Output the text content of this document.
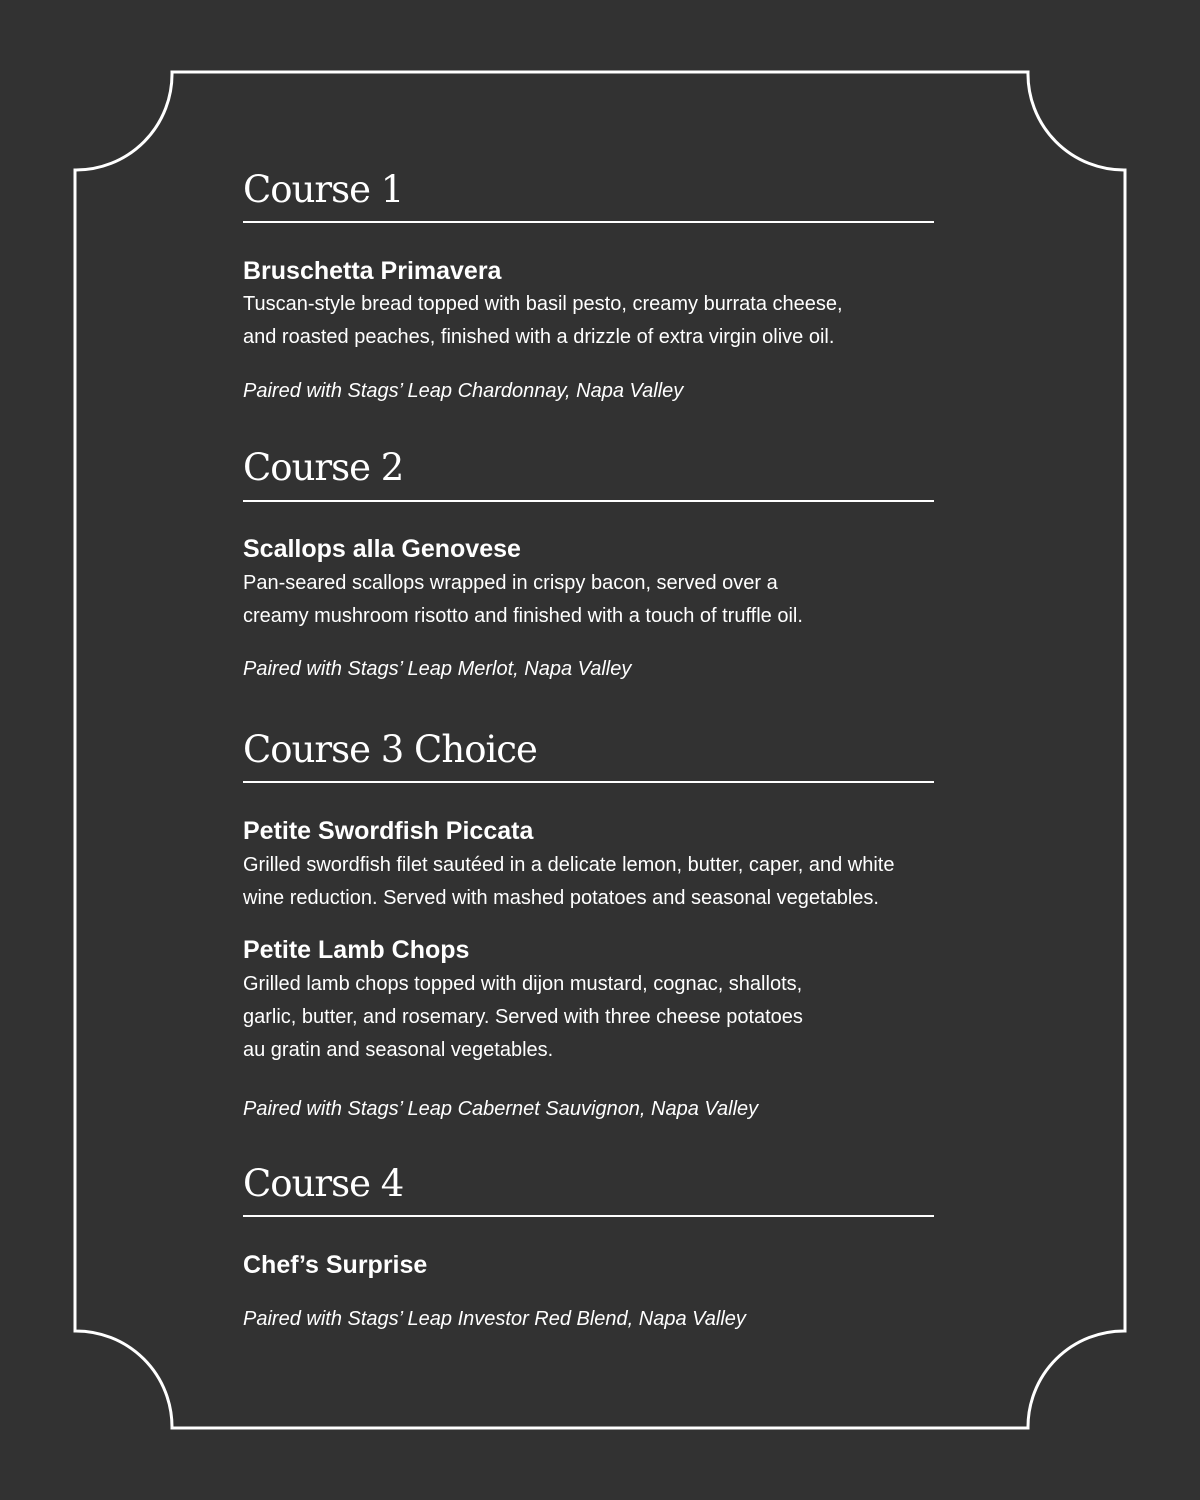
Course 1
Bruschetta Primavera

Tuscan-style bread topped with basil pesto, creamy burrata cheese,
and roasted peaches, finished with a drizzle of extra virgin olive oil.

Paired with Stags’ Leap Chardonnay, Napa Valley

Course 2
Scallops alla Genovese

Pan-seared scallops wrapped in crispy bacon, served over a
creamy mushroom risotto and finished with a touch of truffle oil.

Paired with Stags’ Leap Merlot, Napa Valley

Course 3 Choice
Petite Swordfish Piccata

Grilled swordfish filet sautéed in a delicate lemon, butter, caper, and white
wine reduction. Served with mashed potatoes and seasonal vegetables.

Petite Lamb Chops

Grilled lamb chops topped with dijon mustard, cognac, shallots,
garlic, butter, and rosemary. Served with three cheese potatoes
au gratin and seasonal vegetables.

Paired with Stags’ Leap Cabernet Sauvignon, Napa Valley

Course 4
Chef’s Surprise

Paired with Stags’ Leap Investor Red Blend, Napa Valley
